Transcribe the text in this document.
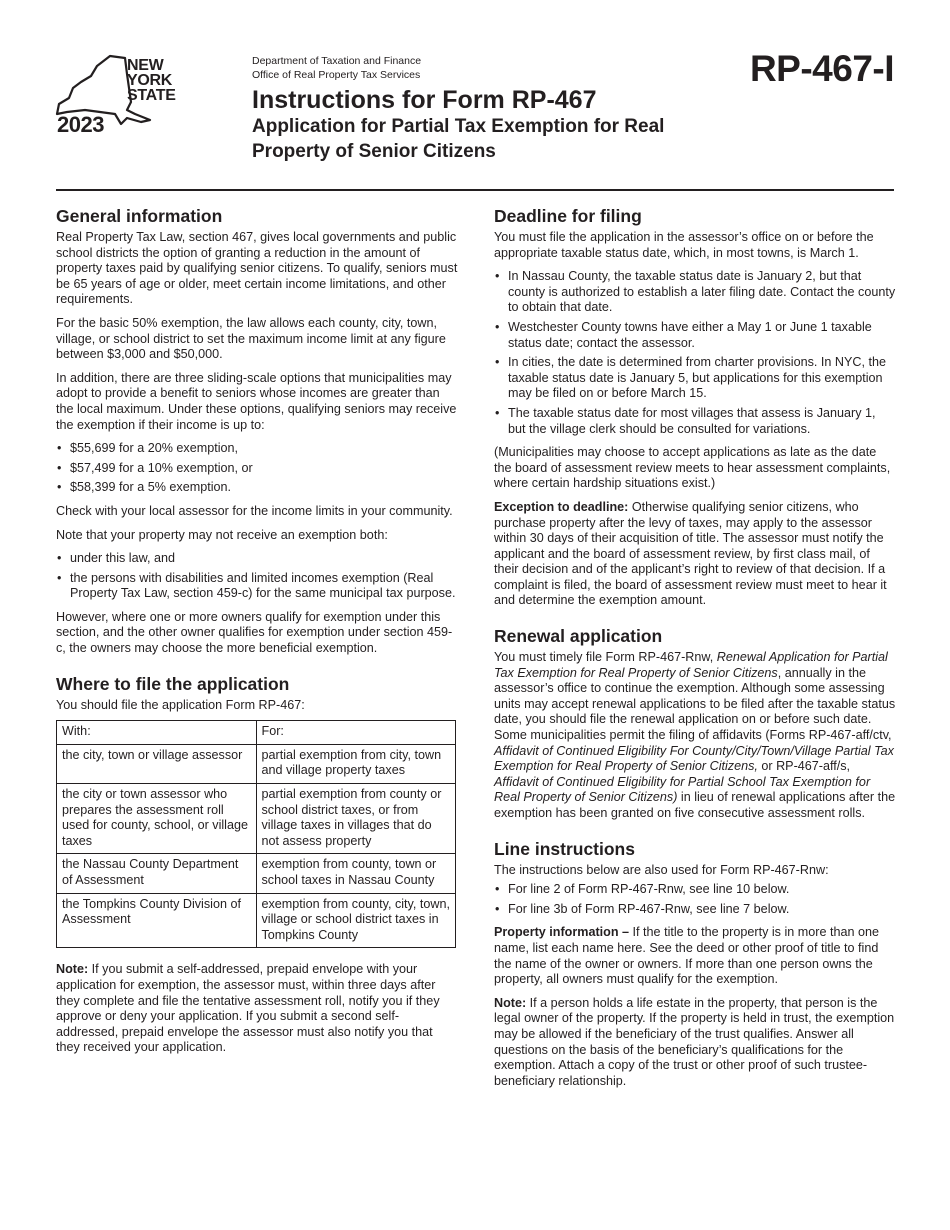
NEW
YORK
STATE
2023
Department of Taxation and Finance
Office of Real Property Tax Services
Instructions for Form RP-467
Application for Partial Tax Exemption for Real Property of Senior Citizens
RP-467-I
General information

Real Property Tax Law, section 467, gives local governments and public school districts the option of granting a reduction in the amount of property taxes paid by qualifying senior citizens. To qualify, seniors must be 65 years of age or older, meet certain income limitations, and other requirements.

For the basic 50% exemption, the law allows each county, city, town, village, or school district to set the maximum income limit at any figure between $3,000 and $50,000.

In addition, there are three sliding-scale options that municipalities may adopt to provide a benefit to seniors whose incomes are greater than the local maximum. Under these options, qualifying seniors may receive the exemption if their income is up to:

• $55,699 for a 20% exemption,
• $57,499 for a 10% exemption, or
• $58,399 for a 5% exemption.

Check with your local assessor for the income limits in your community.

Note that your property may not receive an exemption both:

• under this law, and
• the persons with disabilities and limited incomes exemption (Real Property Tax Law, section 459-c) for the same municipal tax purpose.

However, where one or more owners qualify for exemption under this section, and the other owner qualifies for exemption under section 459-c, the owners may choose the more beneficial exemption.

Where to file the application
You should file the application Form RP-467:
With:	For:
the city, town or village assessor	partial exemption from city, town and village property taxes
the city or town assessor who prepares the assessment roll used for county, school, or village taxes	partial exemption from county or school district taxes, or from village taxes in villages that do not assess property
the Nassau County Department of Assessment	exemption from county, town or school taxes in Nassau County
the Tompkins County Division of Assessment	exemption from county, city, town, village or school district taxes in Tompkins County

Note: If you submit a self-addressed, prepaid envelope with your application for exemption, the assessor must, within three days after they complete and file the tentative assessment roll, notify you if they approve or deny your application. If you submit a second self-addressed, prepaid envelope the assessor must also notify you that they received your application.

Deadline for filing

You must file the application in the assessor’s office on or before the appropriate taxable status date, which, in most towns, is March 1.

• In Nassau County, the taxable status date is January 2, but that county is authorized to establish a later filing date. Contact the county to obtain that date.
• Westchester County towns have either a May 1 or June 1 taxable status date; contact the assessor.
• In cities, the date is determined from charter provisions. In NYC, the taxable status date is January 5, but applications for this exemption may be filed on or before March 15.
• The taxable status date for most villages that assess is January 1, but the village clerk should be consulted for variations.

(Municipalities may choose to accept applications as late as the date the board of assessment review meets to hear assessment complaints, where certain hardship situations exist.)

Exception to deadline: Otherwise qualifying senior citizens, who purchase property after the levy of taxes, may apply to the assessor within 30 days of their acquisition of title. The assessor must notify the applicant and the board of assessment review, by first class mail, of their decision and of the applicant’s right to review of that decision. If a complaint is filed, the board of assessment review must meet to hear it and determine the exemption amount.

Renewal application

You must timely file Form RP-467-Rnw, Renewal Application for Partial Tax Exemption for Real Property of Senior Citizens, annually in the assessor’s office to continue the exemption. Although some assessing units may accept renewal applications to be filed after the taxable status date, you should file the renewal application on or before such date. Some municipalities permit the filing of affidavits (Forms RP-467-aff/ctv, Affidavit of Continued Eligibility For County/City/Town/Village Partial Tax Exemption for Real Property of Senior Citizens, or RP-467-aff/s, Affidavit of Continued Eligibility for Partial School Tax Exemption for Real Property of Senior Citizens) in lieu of renewal applications after the exemption has been granted on five consecutive assessment rolls.

Line instructions
The instructions below are also used for Form RP-467-Rnw:
• For line 2 of Form RP-467-Rnw, see line 10 below.
• For line 3b of Form RP-467-Rnw, see line 7 below.

Property information – If the title to the property is in more than one name, list each name here. See the deed or other proof of title to find the name of the owner or owners. If more than one person owns the property, all owners must qualify for the exemption.

Note: If a person holds a life estate in the property, that person is the legal owner of the property. If the property is held in trust, the exemption may be allowed if the beneficiary of the trust qualifies. Answer all questions on the basis of the beneficiary’s qualifications for the exemption. Attach a copy of the trust or other proof of such trustee-beneficiary relationship.
